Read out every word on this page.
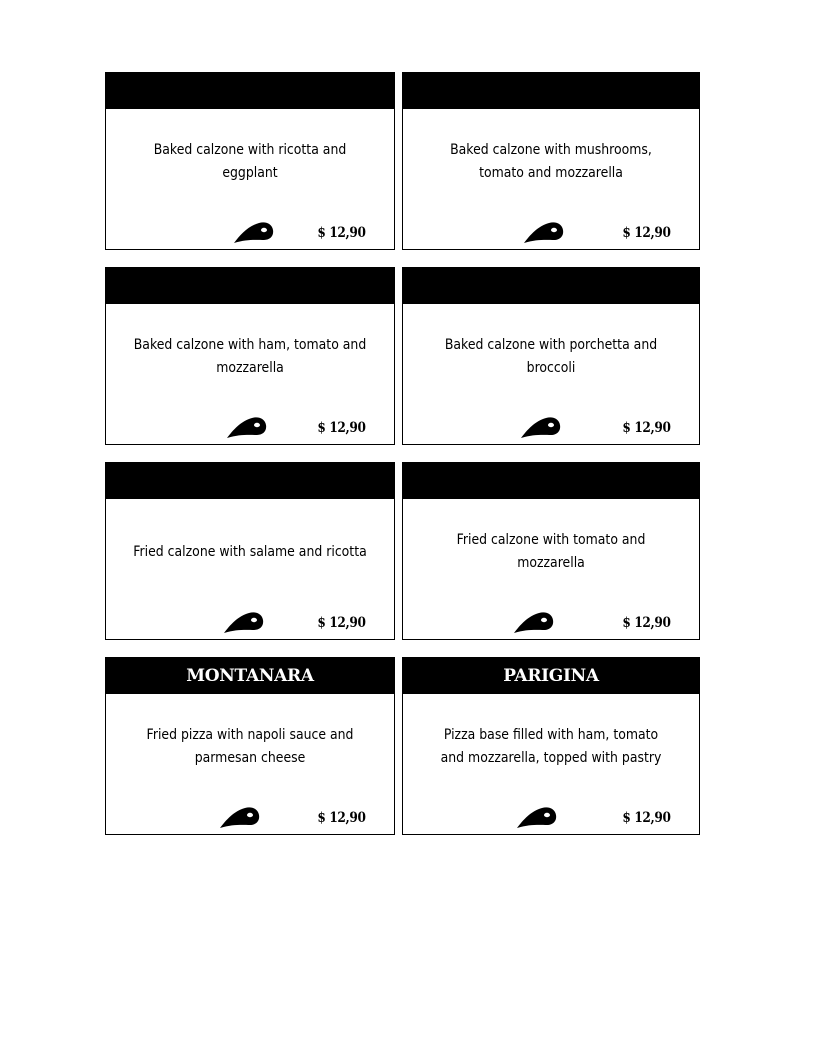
Baked calzone with ricotta and eggplant
$ 12,90
Baked calzone with mushrooms, tomato and mozzarella
$ 12,90
Baked calzone with ham, tomato and mozzarella
$ 12,90
Baked calzone with porchetta and broccoli
$ 12,90
Fried calzone with salame and ricotta
$ 12,90
Fried calzone with tomato and mozzarella
$ 12,90
MONTANARA
Fried pizza with napoli sauce and parmesan cheese
$ 12,90
PARIGINA
Pizza base filled with ham, tomato and mozzarella, topped with pastry
$ 12,90
